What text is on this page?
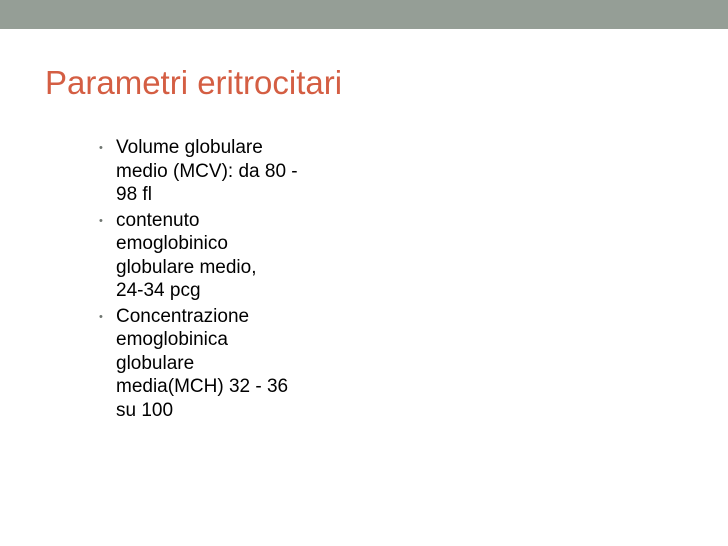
Parametri eritrocitari
• Volume globulare
medio (MCV): da 80 -
98 fl
• contenuto
emoglobinico
globulare medio,
24-34 pcg
• Concentrazione
emoglobinica
globulare
media(MCH) 32 - 36
su 100
